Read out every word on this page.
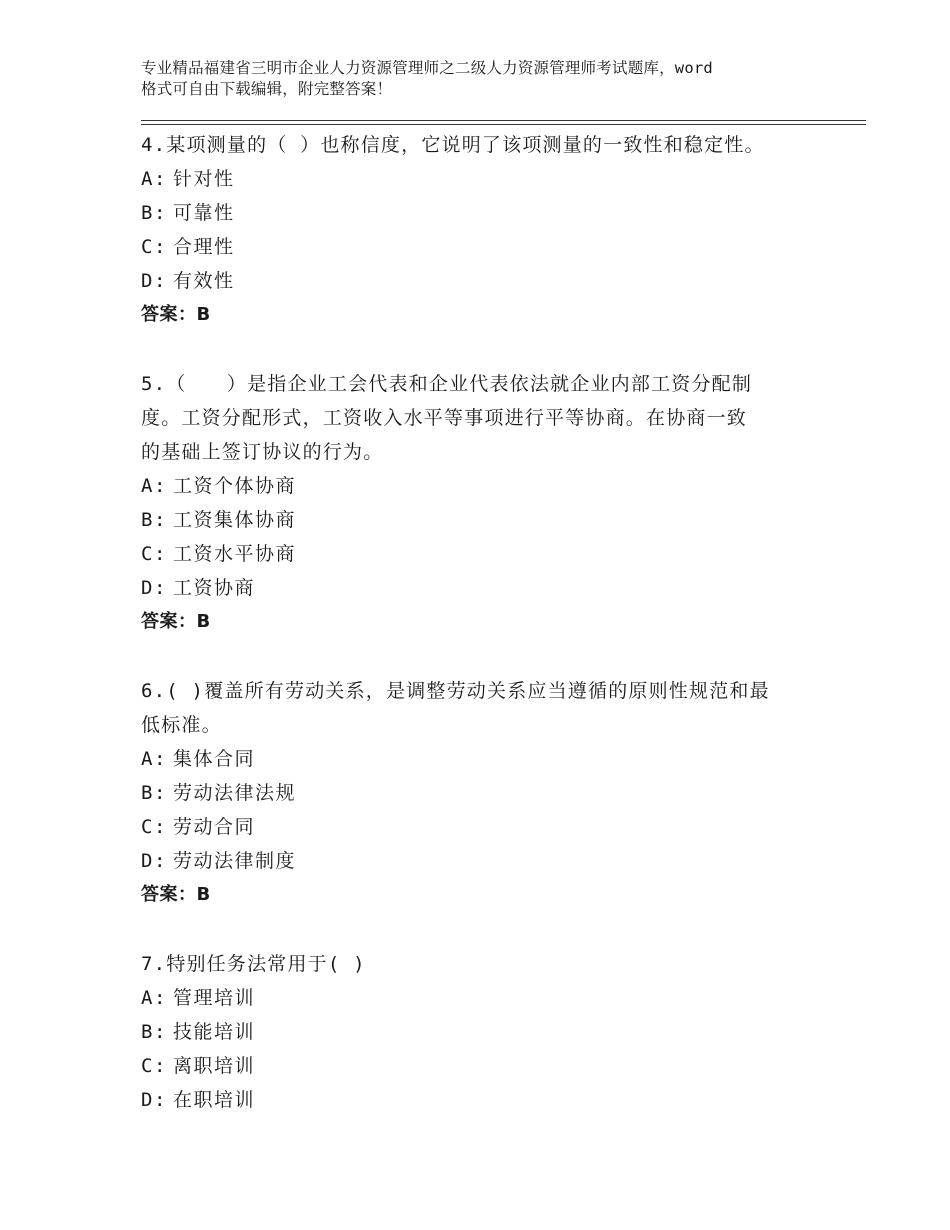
专业精品福建省三明市企业人力资源管理师之二级人力资源管理师考试题库，word
格式可自由下载编辑，附完整答案！
4.某项测量的（ ）也称信度，它说明了该项测量的一致性和稳定性。
A: 针对性
B: 可靠性
C: 合理性
D: 有效性
答案：B
5.（　　）是指企业工会代表和企业代表依法就企业内部工资分配制
度。工资分配形式，工资收入水平等事项进行平等协商。在协商一致
的基础上签订协议的行为。
A: 工资个体协商
B: 工资集体协商
C: 工资水平协商
D: 工资协商
答案：B
6.( )覆盖所有劳动关系，是调整劳动关系应当遵循的原则性规范和最
低标准。
A: 集体合同
B: 劳动法律法规
C: 劳动合同
D: 劳动法律制度
答案：B
7.特别任务法常用于( )
A: 管理培训
B: 技能培训
C: 离职培训
D: 在职培训
